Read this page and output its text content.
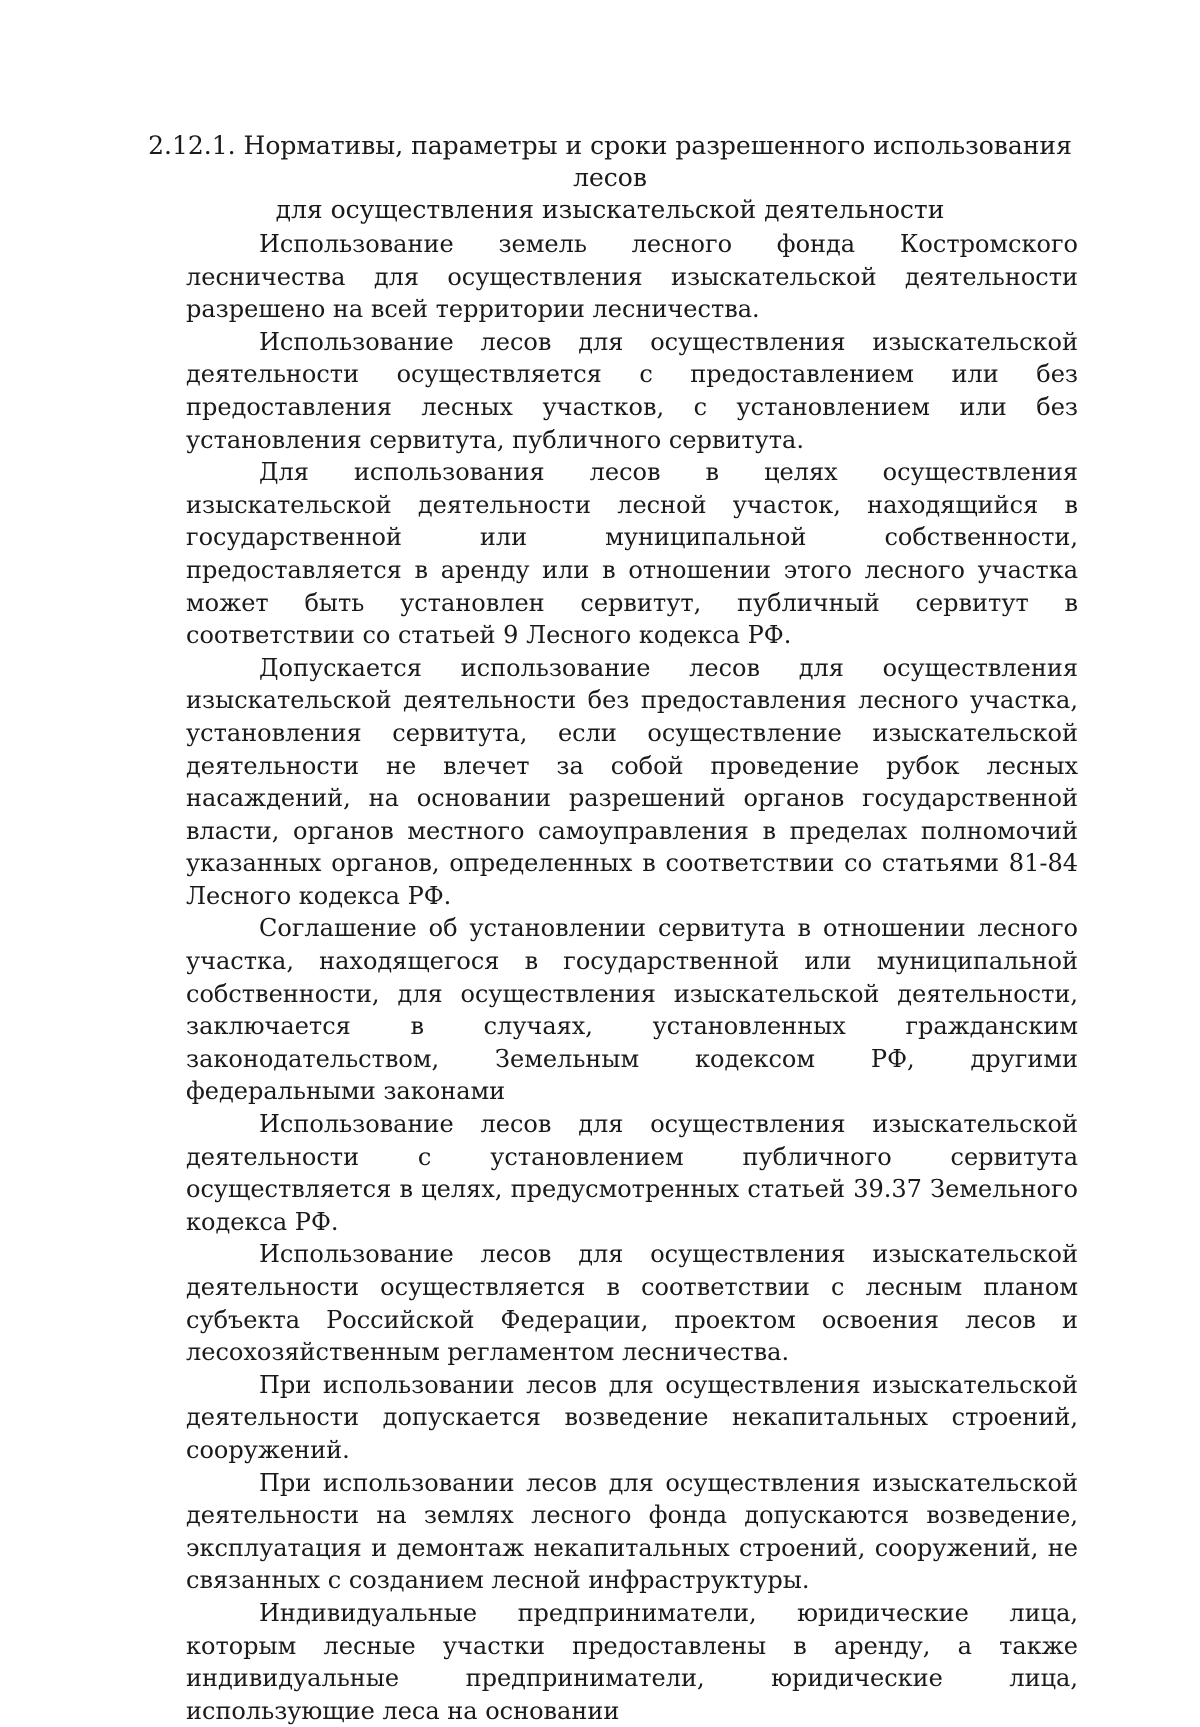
2.12.1. Нормативы, параметры и сроки разрешенного использования лесов
для осуществления изыскательской деятельности

Использование земель лесного фонда Костромского лесничества для осуществления изыскательской деятельности разрешено на всей территории лесничества.

Использование лесов для осуществления изыскательской деятельности осуществляется с предоставлением или без предоставления лесных участков, с установлением или без установления сервитута, публичного сервитута.

Для использования лесов в целях осуществления изыскательской деятельности лесной участок, находящийся в государственной или муниципальной собственности, предоставляется в аренду или в отношении этого лесного участка может быть установлен сервитут, публичный сервитут в соответствии со статьей 9 Лесного кодекса РФ.

Допускается использование лесов для осуществления изыскательской деятельности без предоставления лесного участка, установления сервитута, если осуществление изыскательской деятельности не влечет за собой проведение рубок лесных насаждений, на основании разрешений органов государственной власти, органов местного самоуправления в пределах полномочий указанных органов, определенных в соответствии со статьями 81-84 Лесного кодекса РФ.

Соглашение об установлении сервитута в отношении лесного участка, находящегося в государственной или муниципальной собственности, для осуществления изыскательской деятельности, заключается в случаях, установленных гражданским законодательством, Земельным кодексом РФ, другими федеральными законами

Использование лесов для осуществления изыскательской деятельности с установлением публичного сервитута осуществляется в целях, предусмотренных статьей 39.37 Земельного кодекса РФ.

Использование лесов для осуществления изыскательской деятельности осуществляется в соответствии с лесным планом субъекта Российской Федерации, проектом освоения лесов и лесохозяйственным регламентом лесничества.

При использовании лесов для осуществления изыскательской деятельности допускается возведение некапитальных строений, сооружений.

При использовании лесов для осуществления изыскательской деятельности на землях лесного фонда допускаются возведение, эксплуатация и демонтаж некапитальных строений, сооружений, не связанных с созданием лесной инфраструктуры.

Индивидуальные предприниматели, юридические лица, которым лесные участки предоставлены в аренду, а также индивидуальные предприниматели, юридические лица, использующие леса на основании
